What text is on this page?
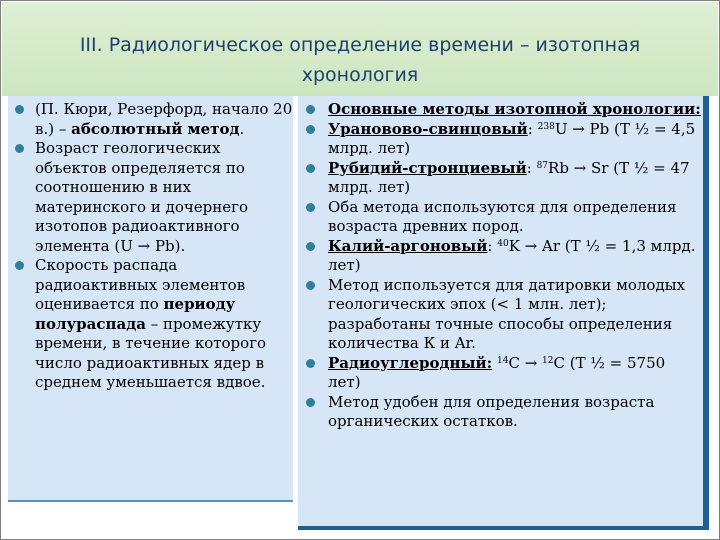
III. Радиологическое определение времени – изотопная хронология
(П. Кюри, Резерфорд, начало 20 в.) – абсолютный метод.
Возраст геологических объектов определяется по соотношению в них материнского и дочернего изотопов радиоактивного элемента (U → Pb).
Скорость распада радиоактивных элементов оценивается по периоду полураспада – промежутку времени, в течение которого число радиоактивных ядер в среднем уменьшается вдвое.
Основные методы изотопной хронологии:
Урановово-свинцовый: $^{238}$U → Pb (T ½ = 4,5 млрд. лет)
Рубидий-стронциевый: $^{87}$Rb → Sr (T ½ = 47 млрд. лет)
Оба метода используются для определения возраста древних пород.
Калий-аргоновый: $^{40}$K → Ar (T ½ = 1,3 млрд. лет)
Метод используется для датировки молодых геологических эпох (< 1 млн. лет); разработаны точные способы определения количества К и Ar.
Радиоуглеродный: $^{14}$C → $^{12}$C (T ½ = 5750 лет)
Метод удобен для определения возраста органических остатков.
